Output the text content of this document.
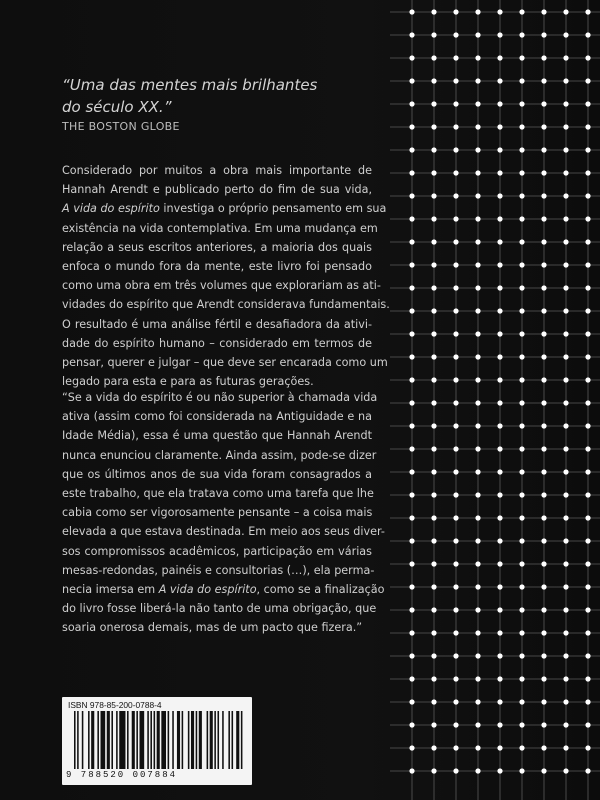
“Uma das mentes mais brilhantes
do século XX.”
THE BOSTON GLOBE
Considerado por muitos a obra mais importante de
Hannah Arendt e publicado perto do fim de sua vida,
A vida do espírito investiga o próprio pensamento em sua
existência na vida contemplativa. Em uma mudança em
relação a seus escritos anteriores, a maioria dos quais
enfoca o mundo fora da mente, este livro foi pensado
como uma obra em três volumes que explorariam as ati-
vidades do espírito que Arendt considerava fundamentais.
O resultado é uma análise fértil e desafiadora da ativi-
dade do espírito humano – considerado em termos de
pensar, querer e julgar – que deve ser encarada como um
legado para esta e para as futuras gerações.
“Se a vida do espírito é ou não superior à chamada vida
ativa (assim como foi considerada na Antiguidade e na
Idade Média), essa é uma questão que Hannah Arendt
nunca enunciou claramente. Ainda assim, pode-se dizer
que os últimos anos de sua vida foram consagrados a
este trabalho, que ela tratava como uma tarefa que lhe
cabia como ser vigorosamente pensante – a coisa mais
elevada a que estava destinada. Em meio aos seus diver-
sos compromissos acadêmicos, participação em várias
mesas-redondas, painéis e consultorias (…), ela perma-
necia imersa em A vida do espírito, como se a finalização
do livro fosse liberá-la não tanto de uma obrigação, que
soaria onerosa demais, mas de um pacto que fizera.”
ISBN 978-85-200-0788-4
9 788520 007884
